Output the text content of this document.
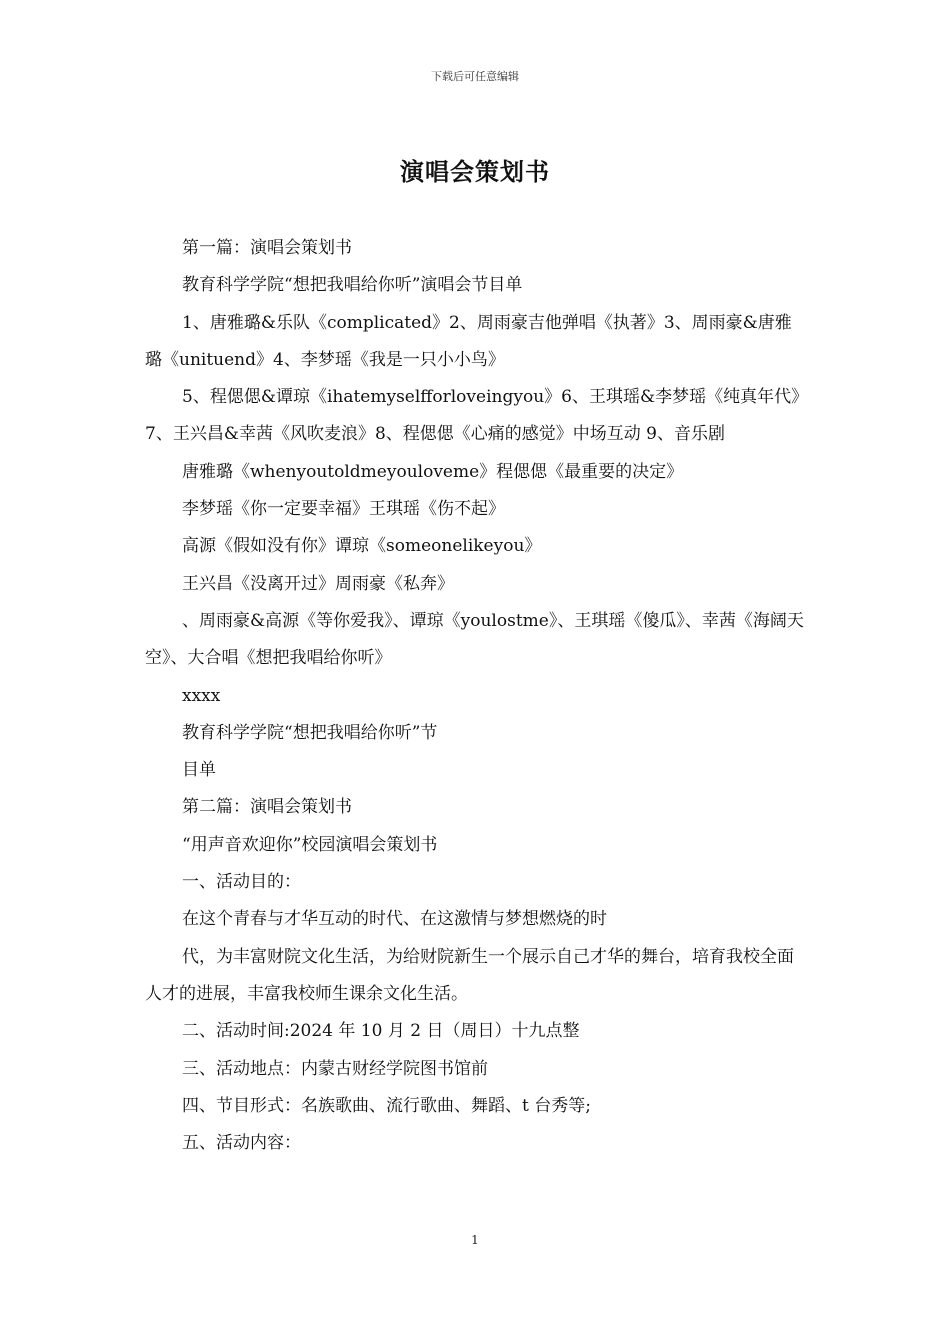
下载后可任意编辑
演唱会策划书

第一篇：演唱会策划书

教育科学学院“想把我唱给你听”演唱会节目单

1、唐雅璐&乐队《complicated》2、周雨豪吉他弹唱《执著》3、周雨豪&唐雅璐《unituend》4、李梦瑶《我是一只小小鸟》

5、程偲偲&谭琼《ihatemyselfforloveingyou》6、王琪瑶&李梦瑶《纯真年代》7、王兴昌&幸茜《风吹麦浪》8、程偲偲《心痛的感觉》中场互动 9、音乐剧

唐雅璐《whenyoutoldmeyouloveme》程偲偲《最重要的决定》

李梦瑶《你一定要幸福》王琪瑶《伤不起》

高源《假如没有你》谭琼《someonelikeyou》

王兴昌《没离开过》周雨豪《私奔》

、周雨豪&高源《等你爱我》、谭琼《youlostme》、王琪瑶《傻瓜》、幸茜《海阔天空》、大合唱《想把我唱给你听》

xxxx

教育科学学院“想把我唱给你听”节

目单

第二篇：演唱会策划书

“用声音欢迎你”校园演唱会策划书

一、活动目的：

在这个青春与才华互动的时代、在这激情与梦想燃烧的时

代，为丰富财院文化生活，为给财院新生一个展示自己才华的舞台，培育我校全面人才的进展，丰富我校师生课余文化生活。

二、活动时间:2024 年 10 月 2 日（周日）十九点整

三、活动地点：内蒙古财经学院图书馆前

四、节目形式：名族歌曲、流行歌曲、舞蹈、t 台秀等;

五、活动内容：

1
